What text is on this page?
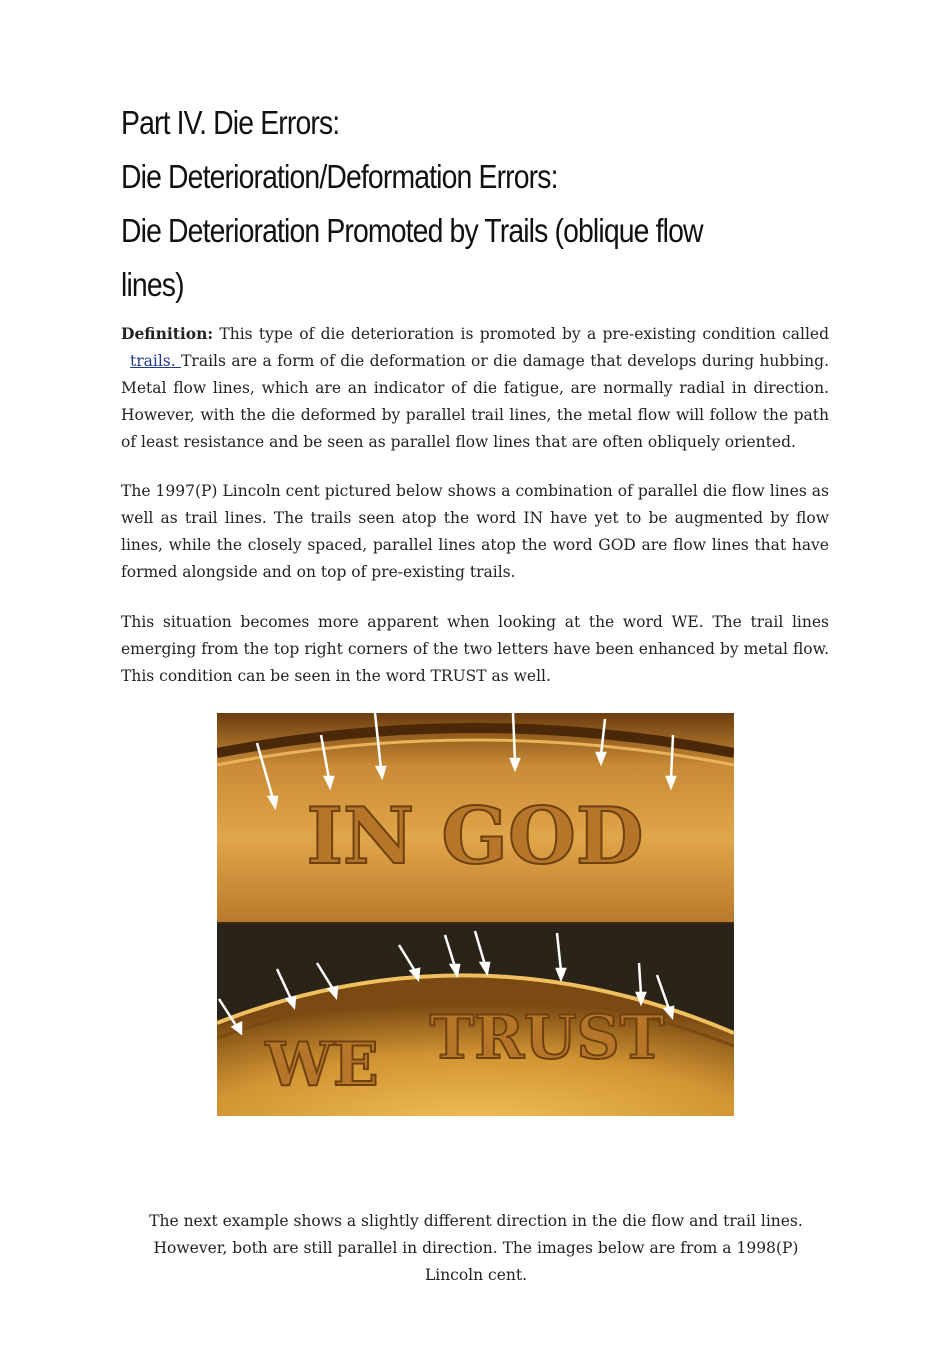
Part IV. Die Errors:
Die Deterioration/Deformation Errors:
Die Deterioration Promoted by Trails (oblique flow
lines)

Definition: This type of die deterioration is promoted by a pre-existing condition called trails. Trails are a form of die deformation or die damage that develops during hubbing. Metal flow lines, which are an indicator of die fatigue, are normally radial in direction. However, with the die deformed by parallel trail lines, the metal flow will follow the path of least resistance and be seen as parallel flow lines that are often obliquely oriented.

The 1997(P) Lincoln cent pictured below shows a combination of parallel die flow lines as well as trail lines. The trails seen atop the word IN have yet to be augmented by flow lines, while the closely spaced, parallel lines atop the word GOD are flow lines that have formed alongside and on top of pre-existing trails.

This situation becomes more apparent when looking at the word WE. The trail lines emerging from the top right corners of the two letters have been enhanced by metal flow. This condition can be seen in the word TRUST as well.

IN GOD
WE TRUST

The next example shows a slightly different direction in the die flow and trail lines. However, both are still parallel in direction. The images below are from a 1998(P) Lincoln cent.
